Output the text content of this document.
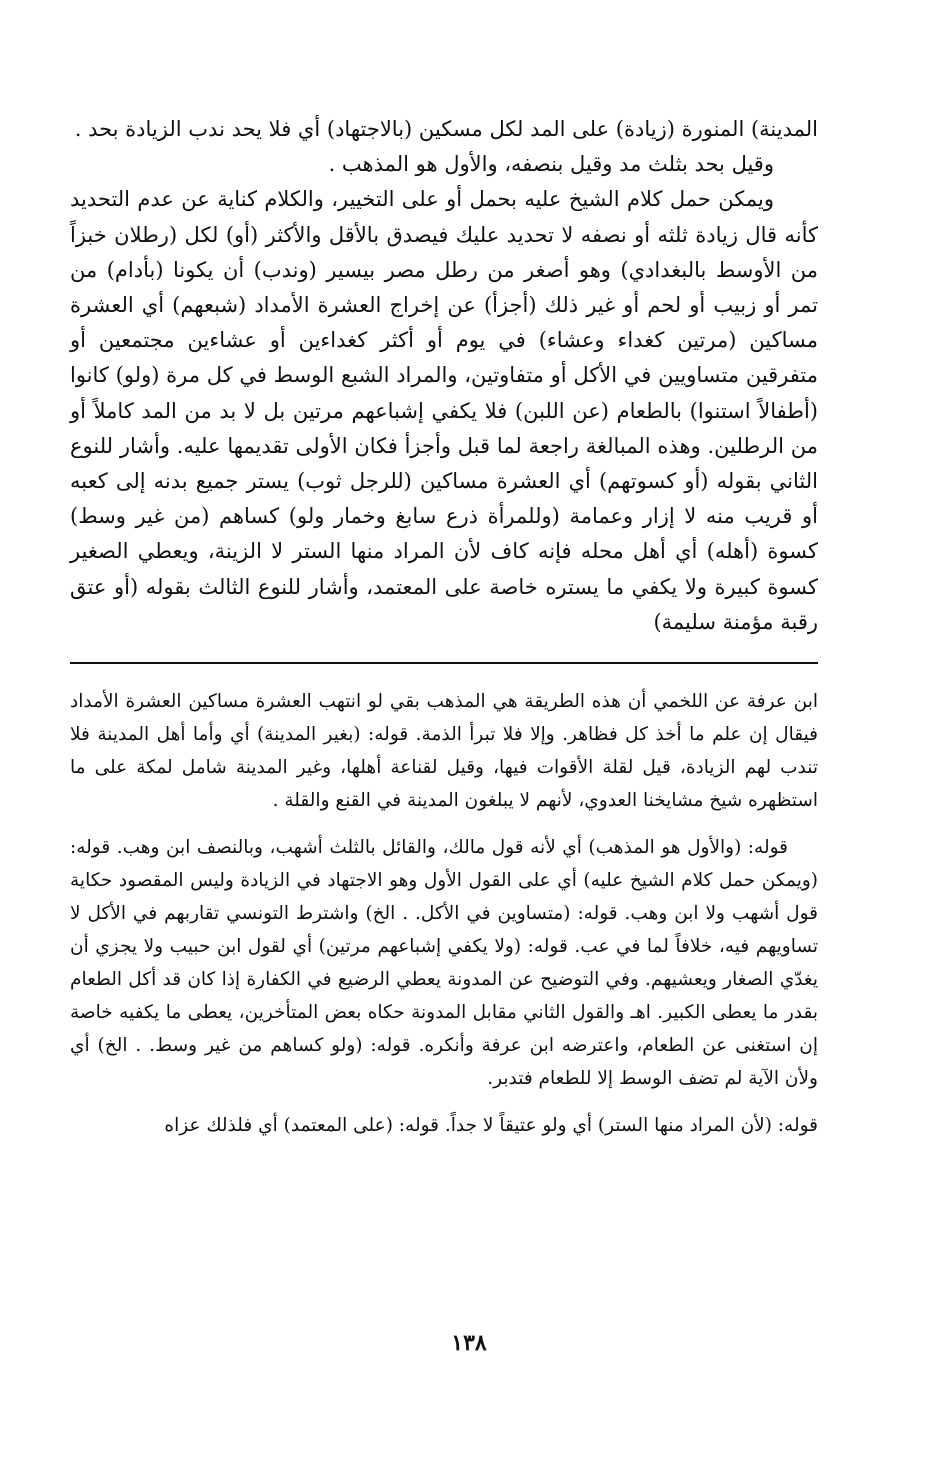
المدينة) المنورة (زيادة) على المد لكل مسكين (بالاجتهاد) أي فلا يحد ندب الزيادة بحد .

وقيل بحد بثلث مد وقيل بنصفه، والأول هو المذهب .

ويمكن حمل كلام الشيخ عليه بحمل أو على التخيير، والكلام كناية عن عدم التحديد كأنه قال زيادة ثلثه أو نصفه لا تحديد عليك فيصدق بالأقل والأكثر (أو) لكل (رطلان خبزاً من الأوسط بالبغدادي) وهو أصغر من رطل مصر بيسير (وندب) أن يكونا (بأدام) من تمر أو زبيب أو لحم أو غير ذلك (أجزأ) عن إخراج العشرة الأمداد (شبعهم) أي العشرة مساكين (مرتين كغداء وعشاء) في يوم أو أكثر كغداءين أو عشاءين مجتمعين أو متفرقين متساويين في الأكل أو متفاوتين، والمراد الشبع الوسط في كل مرة (ولو) كانوا (أطفالاً استنوا) بالطعام (عن اللبن) فلا يكفي إشباعهم مرتين بل لا بد من المد كاملاً أو من الرطلين. وهذه المبالغة راجعة لما قبل وأجزأ فكان الأولى تقديمها عليه. وأشار للنوع الثاني بقوله (أو كسوتهم) أي العشرة مساكين (للرجل ثوب) يستر جميع بدنه إلى كعبه أو قريب منه لا إزار وعمامة (وللمرأة ذرع سابغ وخمار ولو) كساهم (من غير وسط) كسوة (أهله) أي أهل محله فإنه كاف لأن المراد منها الستر لا الزينة، ويعطي الصغير كسوة كبيرة ولا يكفي ما يستره خاصة على المعتمد، وأشار للنوع الثالث بقوله (أو عتق رقبة مؤمنة سليمة)

ابن عرفة عن اللخمي أن هذه الطريقة هي المذهب بقي لو انتهب العشرة مساكين العشرة الأمداد فيقال إن علم ما أخذ كل فظاهر. وإلا فلا تبرأ الذمة. قوله: (بغير المدينة) أي وأما أهل المدينة فلا تندب لهم الزيادة، قيل لقلة الأقوات فيها، وقيل لقناعة أهلها، وغير المدينة شامل لمكة على ما استظهره شيخ مشايخنا العدوي، لأنهم لا يبلغون المدينة في القنع والقلة .

قوله: (والأول هو المذهب) أي لأنه قول مالك، والقائل بالثلث أشهب، وبالنصف ابن وهب. قوله: (ويمكن حمل كلام الشيخ عليه) أي على القول الأول وهو الاجتهاد في الزيادة وليس المقصود حكاية قول أشهب ولا ابن وهب. قوله: (متساوين في الأكل. . الخ) واشترط التونسي تقاربهم في الأكل لا تساويهم فيه، خلافاً لما في عب. قوله: (ولا يكفي إشباعهم مرتين) أي لقول ابن حبيب ولا يجزي أن يغدّي الصغار ويعشيهم. وفي التوضيح عن المدونة يعطي الرضيع في الكفارة إذا كان قد أكل الطعام بقدر ما يعطى الكبير. اهـ والقول الثاني مقابل المدونة حكاه بعض المتأخرين، يعطى ما يكفيه خاصة إن استغنى عن الطعام، واعترضه ابن عرفة وأنكره. قوله: (ولو كساهم من غير وسط. . الخ) أي ولأن الآية لم تضف الوسط إلا للطعام فتدبر.

قوله: (لأن المراد منها الستر) أي ولو عتيقاً لا جداً. قوله: (على المعتمد) أي فلذلك عزاه

١٣٨
